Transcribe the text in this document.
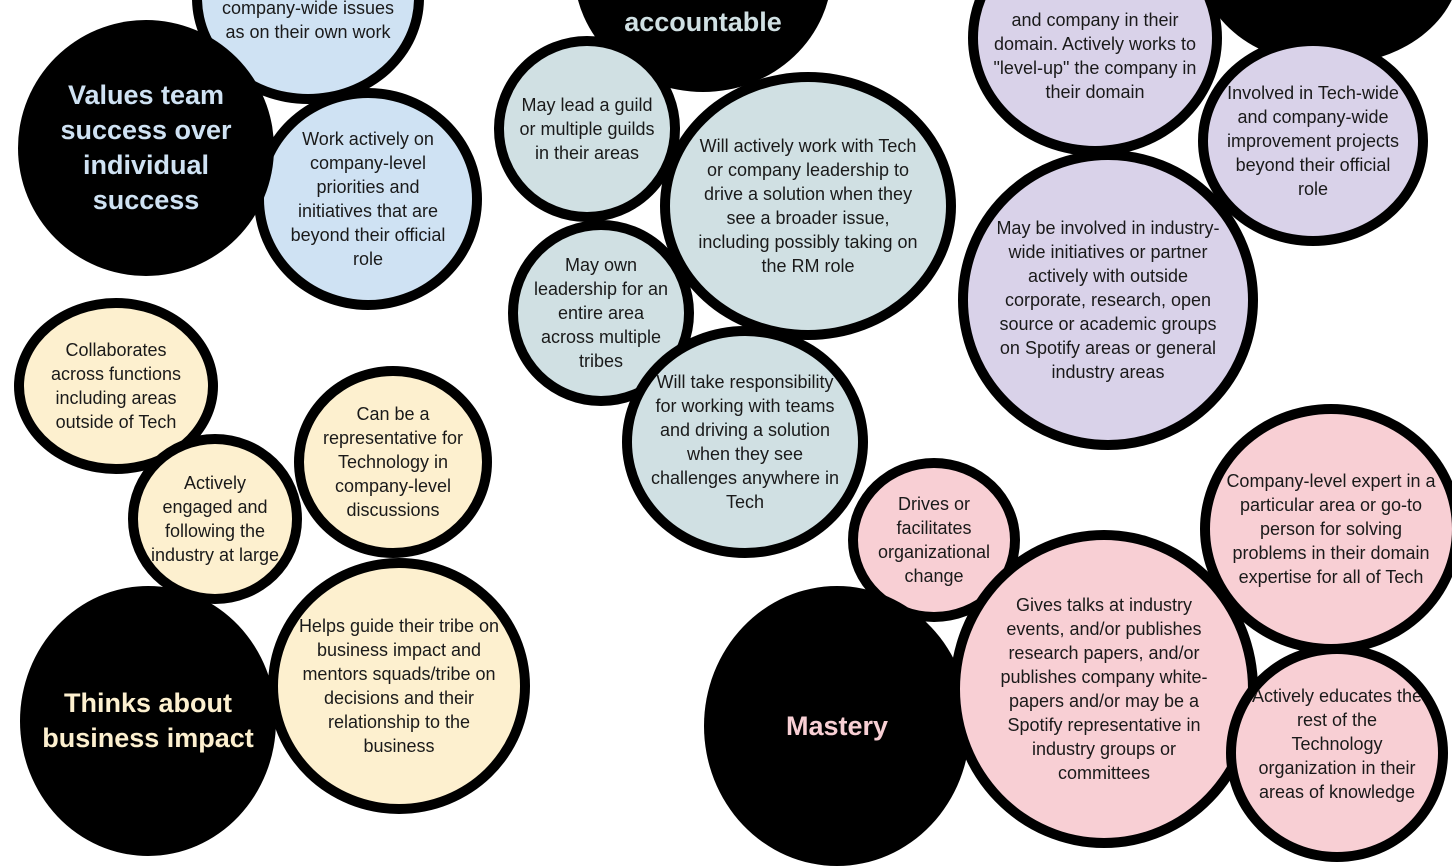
company-wide issues as on their own work
Work actively on company-level priorities and initiatives that are beyond their official role
Values team success over individual success
Collaborates across functions including areas outside of Tech	Can be a representative for Technology in company-level discussions
Actively engaged and following the industry at large
Helps guide their tribe on business impact and mentors squads/tribe on decisions and their relationship to the business
Thinks about business impact
accountable
May lead a guild or multiple guilds in their areas	Will actively work with Tech or company leadership to drive a solution when they see a broader issue, including possibly taking on the RM role
May own leadership for an entire area across multiple tribes
Will take responsibility for working with teams and driving a solution when they see challenges anywhere in Tech
and company in their domain. Actively works to "level-up" the company in their domain	Involved in Tech-wide and company-wide improvement projects beyond their official role
May be involved in industry-wide initiatives or partner actively with outside corporate, research, open source or academic groups on Spotify areas or general industry areas
Company-level expert in a particular area or go-to person for solving problems in their domain expertise for all of Tech
Drives or facilitates organizational change
Mastery
Gives talks at industry events, and/or publishes research papers, and/or publishes company white-papers and/or may be a Spotify representative in industry groups or committees
Actively educates the rest of the Technology organization in their areas of knowledge
